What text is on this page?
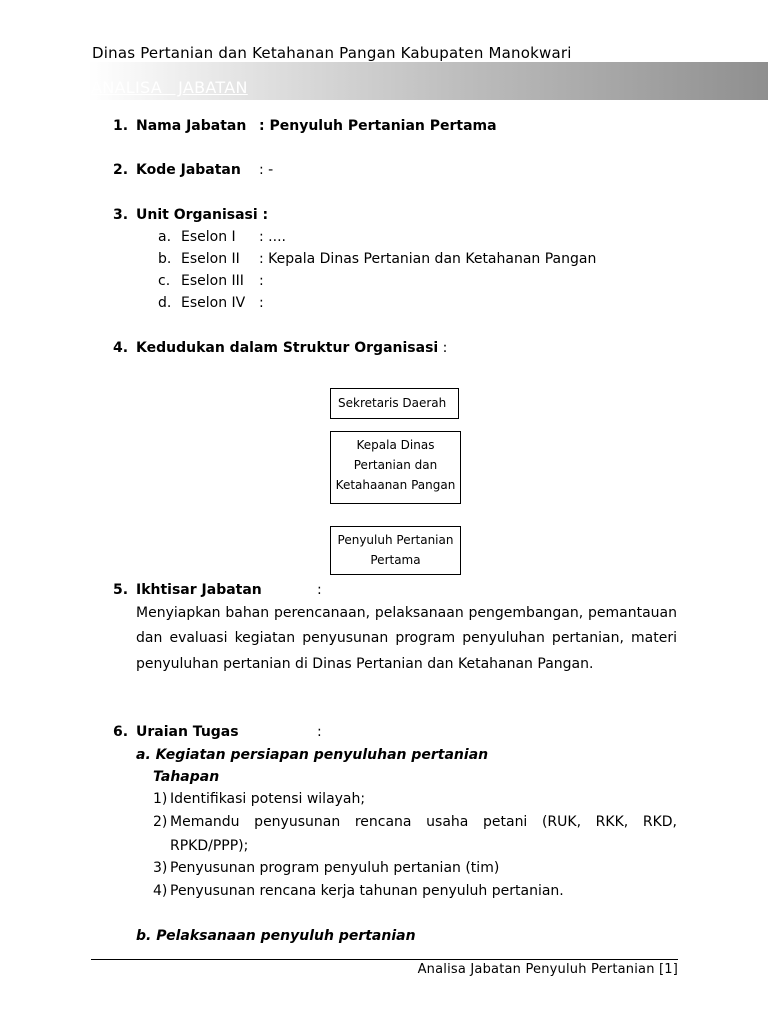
Dinas Pertanian dan Ketahanan Pangan Kabupaten Manokwari
ANALISA   JABATAN
1. Nama Jabatan : Penyuluh Pertanian Pertama
2. Kode Jabatan : -
3. Unit Organisasi :
a. Eselon I : ....
b. Eselon II : Kepala Dinas Pertanian dan Ketahanan Pangan
c. Eselon III :
d. Eselon IV :
4. Kedudukan dalam Struktur Organisasi :
Sekretaris Daerah
Kepala Dinas
Pertanian dan
Ketahaanan Pangan
Penyuluh Pertanian
Pertama
5. Ikhtisar Jabatan	:
Menyiapkan bahan perencanaan, pelaksanaan pengembangan, pemantauan dan evaluasi kegiatan penyusunan program penyuluhan pertanian, materi penyuluhan pertanian di Dinas Pertanian dan Ketahanan Pangan.
6. Uraian Tugas	:
a. Kegiatan persiapan penyuluhan pertanian
Tahapan
1) Identifikasi potensi wilayah;
2) Memandu penyusunan rencana usaha petani (RUK, RKK, RKD,
RPKD/PPP);
3) Penyusunan program penyuluh pertanian (tim)
4) Penyusunan rencana kerja tahunan penyuluh pertanian.
b. Pelaksanaan penyuluh pertanian
Analisa Jabatan Penyuluh Pertanian [1]
